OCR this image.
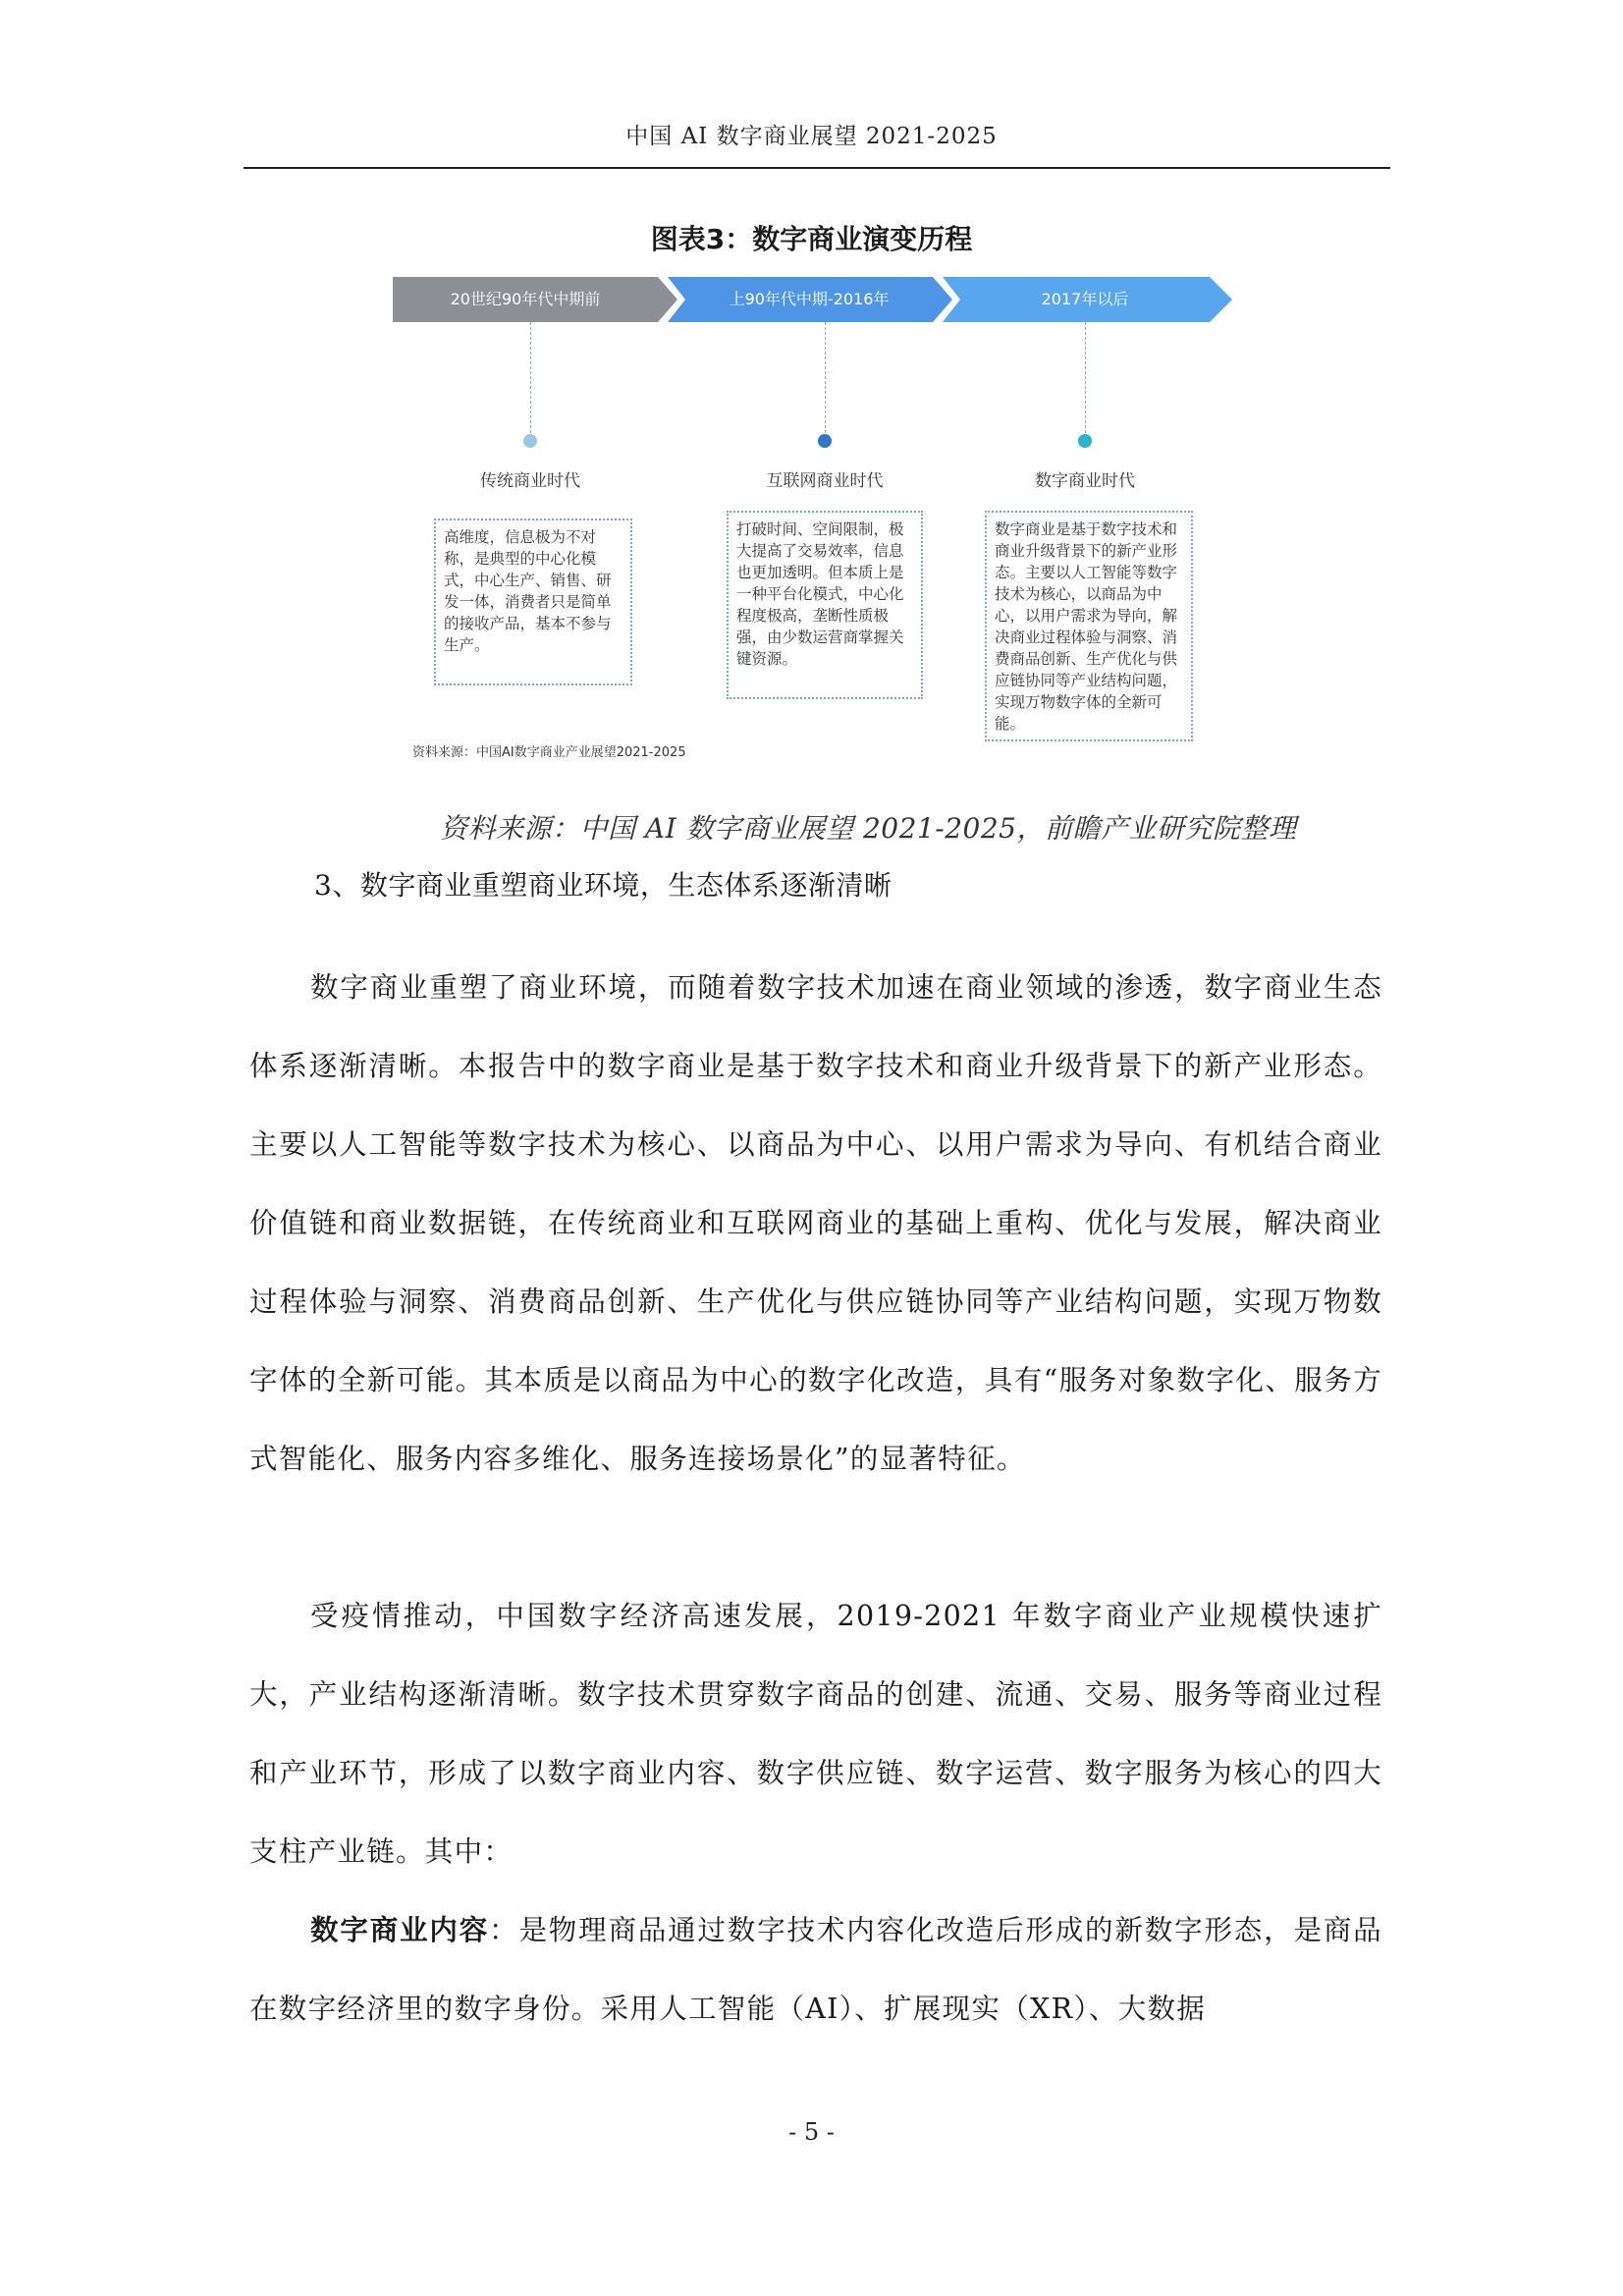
中国 AI 数字商业展望 2021-2025
图表3：数字商业演变历程
20世纪90年代中期前	上90年代中期-2016年	2017年以后
传统商业时代	互联网商业时代	数字商业时代
高维度，信息极为不对称，是典型的中心化模式，中心生产、销售、研发一体，消费者只是简单的接收产品，基本不参与生产。
打破时间、空间限制，极大提高了交易效率，信息也更加透明。但本质上是一种平台化模式，中心化程度极高，垄断性质极强，由少数运营商掌握关键资源。
数字商业是基于数字技术和商业升级背景下的新产业形态。主要以人工智能等数字技术为核心，以商品为中心，以用户需求为导向，解决商业过程体验与洞察、消费商品创新、生产优化与供应链协同等产业结构问题，实现万物数字体的全新可能。
资料来源：中国AI数字商业产业展望2021-2025
资料来源：中国 AI 数字商业展望 2021-2025，前瞻产业研究院整理
3、数字商业重塑商业环境，生态体系逐渐清晰

数字商业重塑了商业环境，而随着数字技术加速在商业领域的渗透，数字商业生态体系逐渐清晰。本报告中的数字商业是基于数字技术和商业升级背景下的新产业形态。主要以人工智能等数字技术为核心、以商品为中心、以用户需求为导向、有机结合商业价值链和商业数据链，在传统商业和互联网商业的基础上重构、优化与发展，解决商业过程体验与洞察、消费商品创新、生产优化与供应链协同等产业结构问题，实现万物数字体的全新可能。其本质是以商品为中心的数字化改造，具有“服务对象数字化、服务方式智能化、服务内容多维化、服务连接场景化”的显著特征。

受疫情推动，中国数字经济高速发展，2019-2021 年数字商业产业规模快速扩大，产业结构逐渐清晰。数字技术贯穿数字商品的创建、流通、交易、服务等商业过程和产业环节，形成了以数字商业内容、数字供应链、数字运营、数字服务为核心的四大支柱产业链。其中：

数字商业内容：是物理商品通过数字技术内容化改造后形成的新数字形态，是商品在数字经济里的数字身份。采用人工智能（AI）、扩展现实（XR）、大数据

- 5 -
